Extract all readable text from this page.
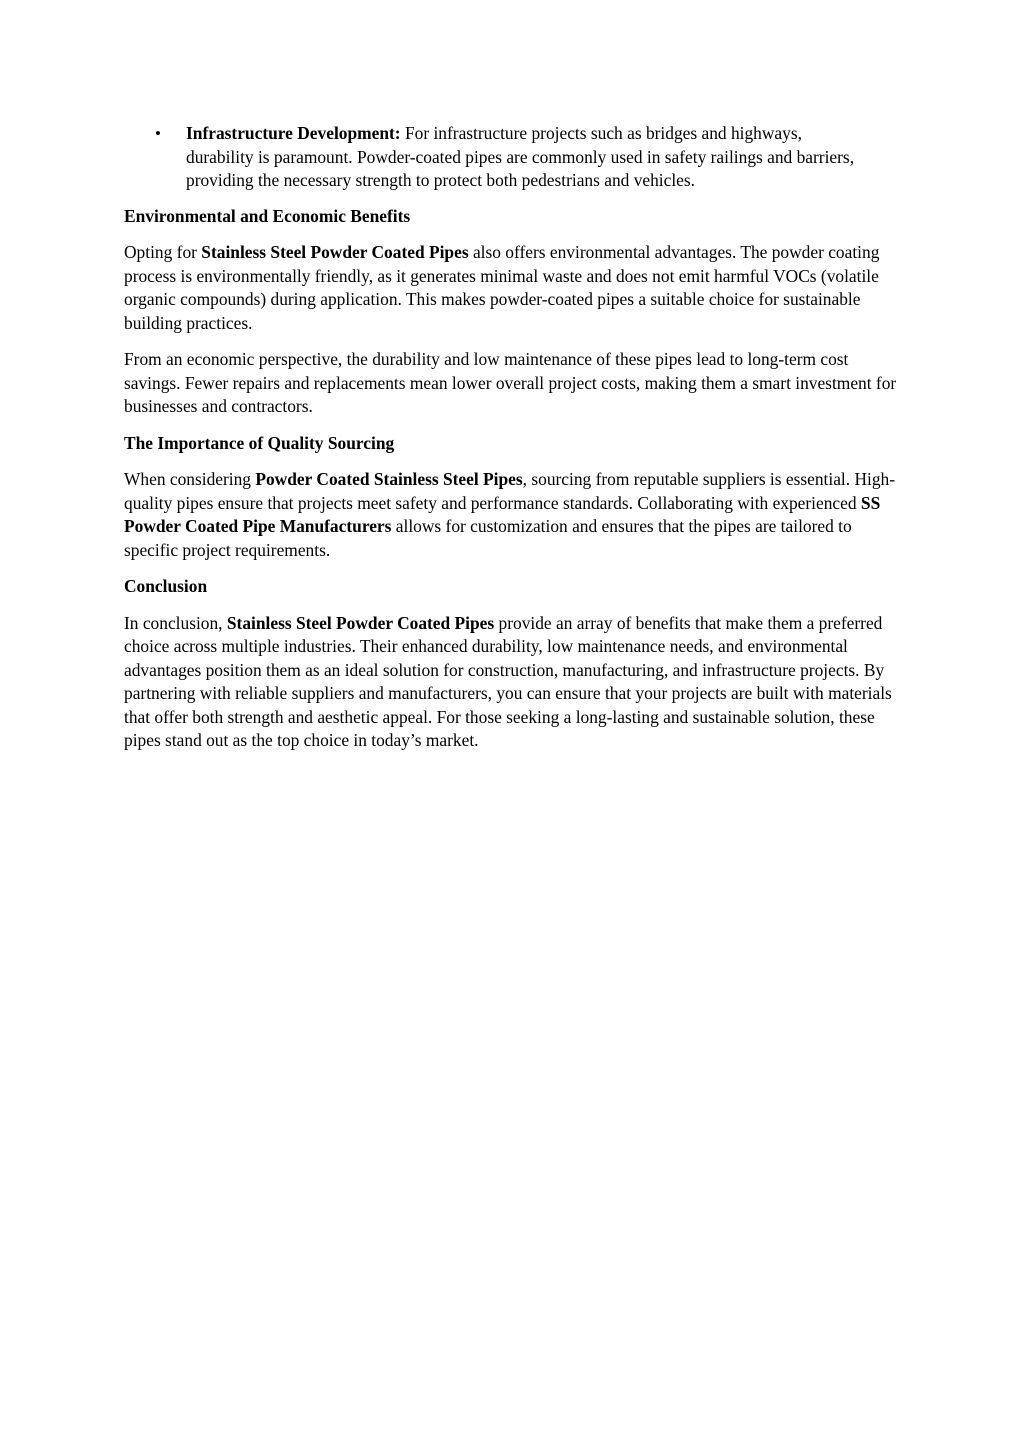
• Infrastructure Development: For infrastructure projects such as bridges and highways, durability is paramount. Powder-coated pipes are commonly used in safety railings and barriers, providing the necessary strength to protect both pedestrians and vehicles.
Environmental and Economic Benefits
Opting for Stainless Steel Powder Coated Pipes also offers environmental advantages. The powder coating process is environmentally friendly, as it generates minimal waste and does not emit harmful VOCs (volatile organic compounds) during application. This makes powder-coated pipes a suitable choice for sustainable building practices.
From an economic perspective, the durability and low maintenance of these pipes lead to long-term cost savings. Fewer repairs and replacements mean lower overall project costs, making them a smart investment for businesses and contractors.
The Importance of Quality Sourcing
When considering Powder Coated Stainless Steel Pipes, sourcing from reputable suppliers is essential. High-quality pipes ensure that projects meet safety and performance standards. Collaborating with experienced SS Powder Coated Pipe Manufacturers allows for customization and ensures that the pipes are tailored to specific project requirements.
Conclusion
In conclusion, Stainless Steel Powder Coated Pipes provide an array of benefits that make them a preferred choice across multiple industries. Their enhanced durability, low maintenance needs, and environmental advantages position them as an ideal solution for construction, manufacturing, and infrastructure projects. By partnering with reliable suppliers and manufacturers, you can ensure that your projects are built with materials that offer both strength and aesthetic appeal. For those seeking a long-lasting and sustainable solution, these pipes stand out as the top choice in today’s market.
